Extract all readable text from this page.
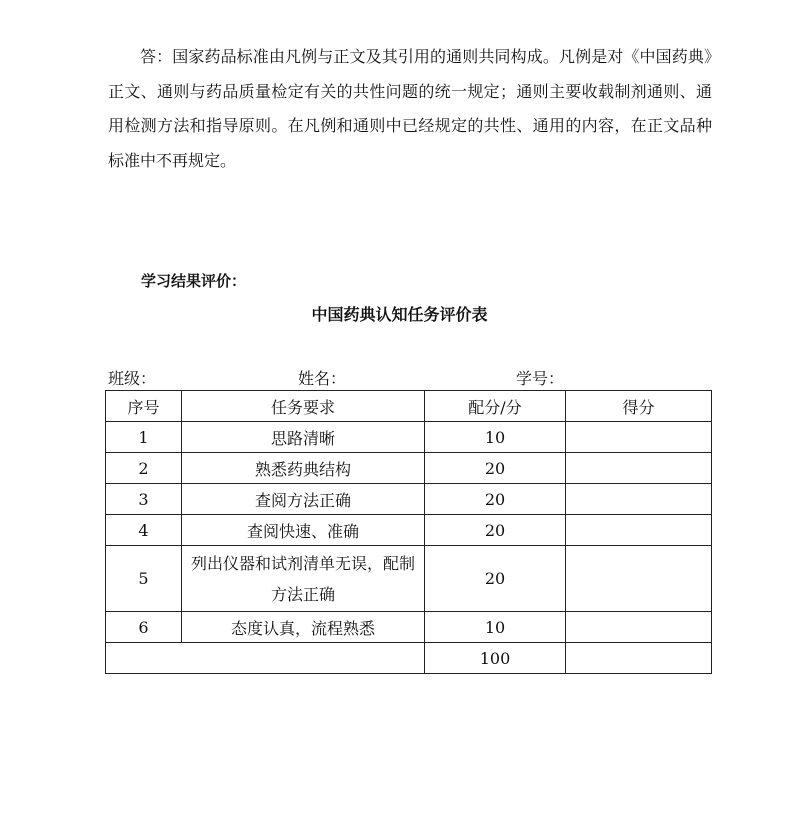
答：国家药品标准由凡例与正文及其引用的通则共同构成。凡例是对《中国药典》正文、通则与药品质量检定有关的共性问题的统一规定；通则主要收载制剂通则、通用检测方法和指导原则。在凡例和通则中已经规定的共性、通用的内容，在正文品种标准中不再规定。

学习结果评价：

中国药典认知任务评价表

班级：	姓名：	学号：
序号	任务要求	配分/分	得分
1	思路清晰	10	
2	熟悉药典结构	20	
3	查阅方法正确	20	
4	查阅快速、准确	20	
5	列出仪器和试剂清单无误，配制方法正确	20	
6	态度认真，流程熟悉	10	
		100	
